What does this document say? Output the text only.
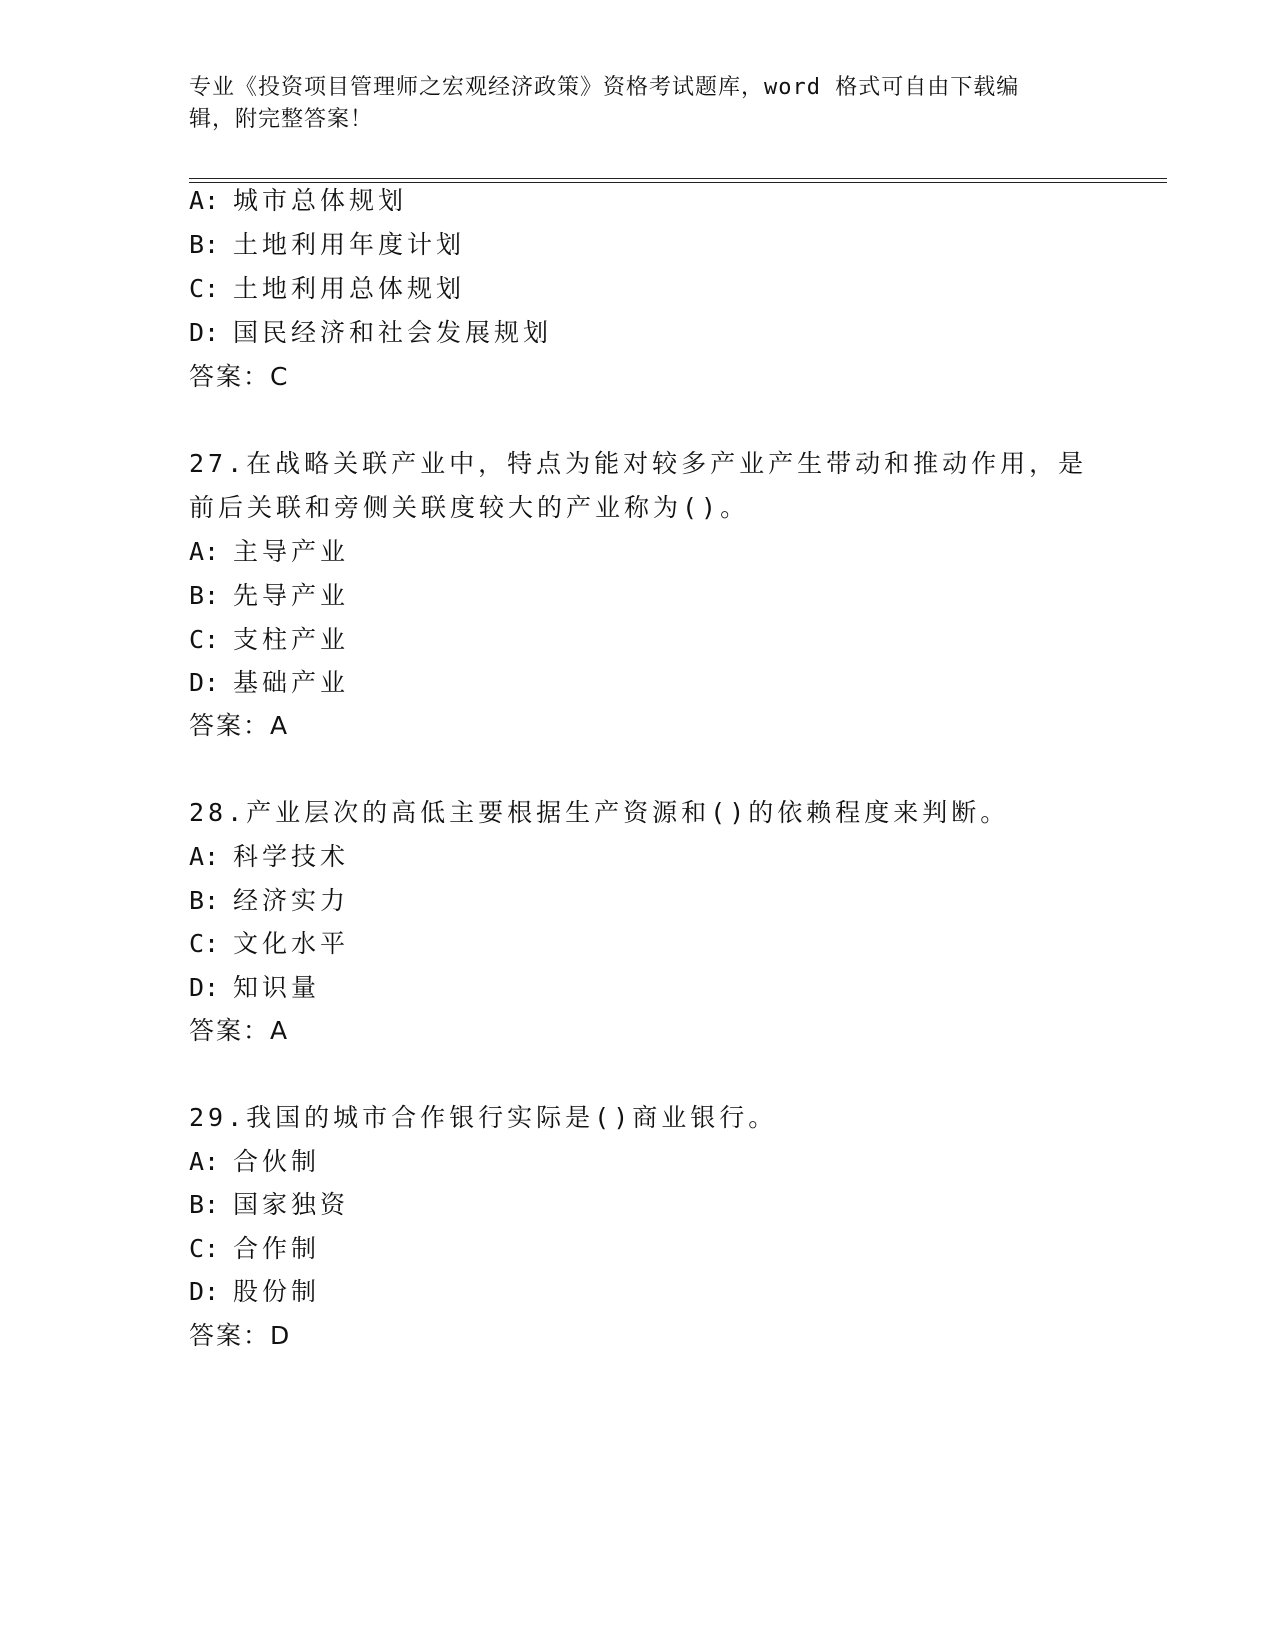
专业《投资项目管理师之宏观经济政策》资格考试题库，word 格式可自由下载编
辑，附完整答案！
A: 城市总体规划
B: 土地利用年度计划
C: 土地利用总体规划
D: 国民经济和社会发展规划
答案：C
27.在战略关联产业中，特点为能对较多产业产生带动和推动作用，是
前后关联和旁侧关联度较大的产业称为()。
A: 主导产业
B: 先导产业
C: 支柱产业
D: 基础产业
答案：A
28.产业层次的高低主要根据生产资源和()的依赖程度来判断。
A: 科学技术
B: 经济实力
C: 文化水平
D: 知识量
答案：A
29.我国的城市合作银行实际是()商业银行。
A: 合伙制
B: 国家独资
C: 合作制
D: 股份制
答案：D
